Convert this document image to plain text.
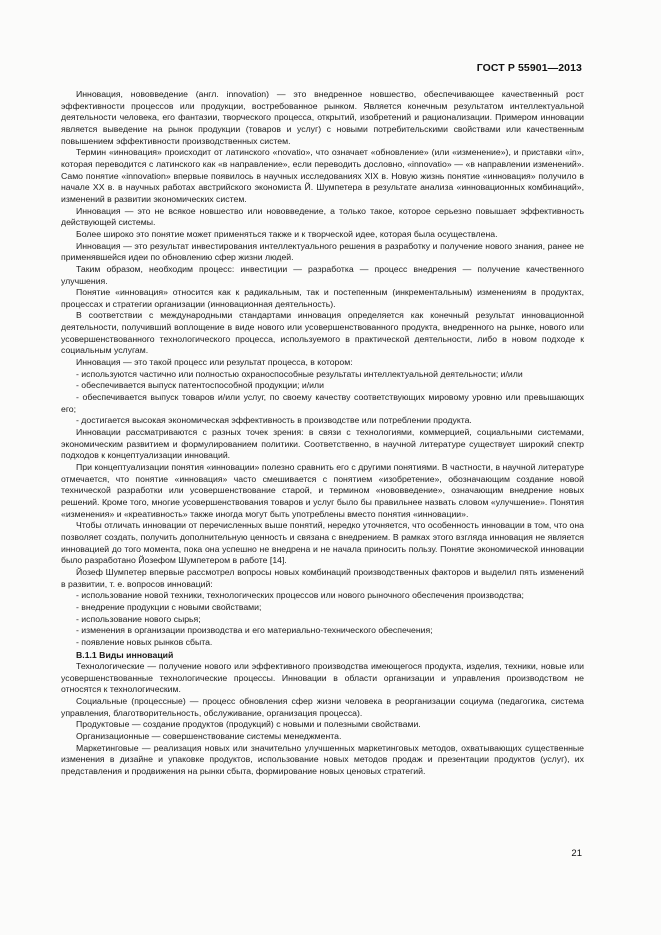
ГОСТ Р 55901—2013

Инновация, нововведение (англ. innovation) — это внедренное новшество, обеспечивающее качественный рост эффективности процессов или продукции, востребованное рынком. Является конечным результатом интеллектуальной деятельности человека, его фантазии, творческого процесса, открытий, изобретений и рационализации. Примером инновации является выведение на рынок продукции (товаров и услуг) с новыми потребительскими свойствами или качественным повышением эффективности производственных систем.

Термин «инновация» происходит от латинского «novatio», что означает «обновление» (или «изменение»), и приставки «in», которая переводится с латинского как «в направление», если переводить дословно, «innovatio» — «в направлении изменений». Само понятие «innovation» впервые появилось в научных исследованиях XIX в. Новую жизнь понятие «инновация» получило в начале XX в. в научных работах австрийского экономиста Й. Шумпетера в результате анализа «инновационных комбинаций», изменений в развитии экономических систем.

Инновация — это не всякое новшество или нововведение, а только такое, которое серьезно повышает эффективность действующей системы.

Более широко это понятие может применяться также и к творческой идее, которая была осуществлена.

Инновация — это результат инвестирования интеллектуального решения в разработку и получение нового знания, ранее не применявшейся идеи по обновлению сфер жизни людей.

Таким образом, необходим процесс: инвестиции — разработка — процесс внедрения — получение качественного улучшения.

Понятие «инновация» относится как к радикальным, так и постепенным (инкрементальным) изменениям в продуктах, процессах и стратегии организации (инновационная деятельность).

В соответствии с международными стандартами инновация определяется как конечный результат инновационной деятельности, получивший воплощение в виде нового или усовершенствованного продукта, внедренного на рынке, нового или усовершенствованного технологического процесса, используемого в практической деятельности, либо в новом подходе к социальным услугам.

Инновация — это такой процесс или результат процесса, в котором:

- используются частично или полностью охраноспособные результаты интеллектуальной деятельности; и/или

- обеспечивается выпуск патентоспособной продукции; и/или

- обеспечивается выпуск товаров и/или услуг, по своему качеству соответствующих мировому уровню или превышающих его;

- достигается высокая экономическая эффективность в производстве или потреблении продукта.

Инновации рассматриваются с разных точек зрения: в связи с технологиями, коммерцией, социальными системами, экономическим развитием и формулированием политики. Соответственно, в научной литературе существует широкий спектр подходов к концептуализации инноваций.

При концептуализации понятия «инновации» полезно сравнить его с другими понятиями. В частности, в научной литературе отмечается, что понятие «инновация» часто смешивается с понятием «изобретение», обозначающим создание новой технической разработки или усовершенствование старой, и термином «нововведение», означающим внедрение новых решений. Кроме того, многие усовершенствования товаров и услуг было бы правильнее назвать словом «улучшение». Понятия «изменения» и «креативность» также иногда могут быть употреблены вместо понятия «инновации».

Чтобы отличать инновации от перечисленных выше понятий, нередко уточняется, что особенность инновации в том, что она позволяет создать, получить дополнительную ценность и связана с внедрением. В рамках этого взгляда инновация не является инновацией до того момента, пока она успешно не внедрена и не начала приносить пользу. Понятие экономической инновации было разработано Йозефом Шумпетером в работе [14].

Йозеф Шумпетер впервые рассмотрел вопросы новых комбинаций производственных факторов и выделил пять изменений в развитии, т. е. вопросов инноваций:

- использование новой техники, технологических процессов или нового рыночного обеспечения производства;

- внедрение продукции с новыми свойствами;

- использование нового сырья;

- изменения в организации производства и его материально-технического обеспечения;

- появление новых рынков сбыта.

В.1.1 Виды инноваций

Технологические — получение нового или эффективного производства имеющегося продукта, изделия, техники, новые или усовершенствованные технологические процессы. Инновации в области организации и управления производством не относятся к технологическим.

Социальные (процессные) — процесс обновления сфер жизни человека в реорганизации социума (педагогика, система управления, благотворительность, обслуживание, организация процесса).

Продуктовые — создание продуктов (продукций) с новыми и полезными свойствами.

Организационные — совершенствование системы менеджмента.

Маркетинговые — реализация новых или значительно улучшенных маркетинговых методов, охватывающих существенные изменения в дизайне и упаковке продуктов, использование новых методов продаж и презентации продуктов (услуг), их представления и продвижения на рынки сбыта, формирование новых ценовых стратегий.

21
